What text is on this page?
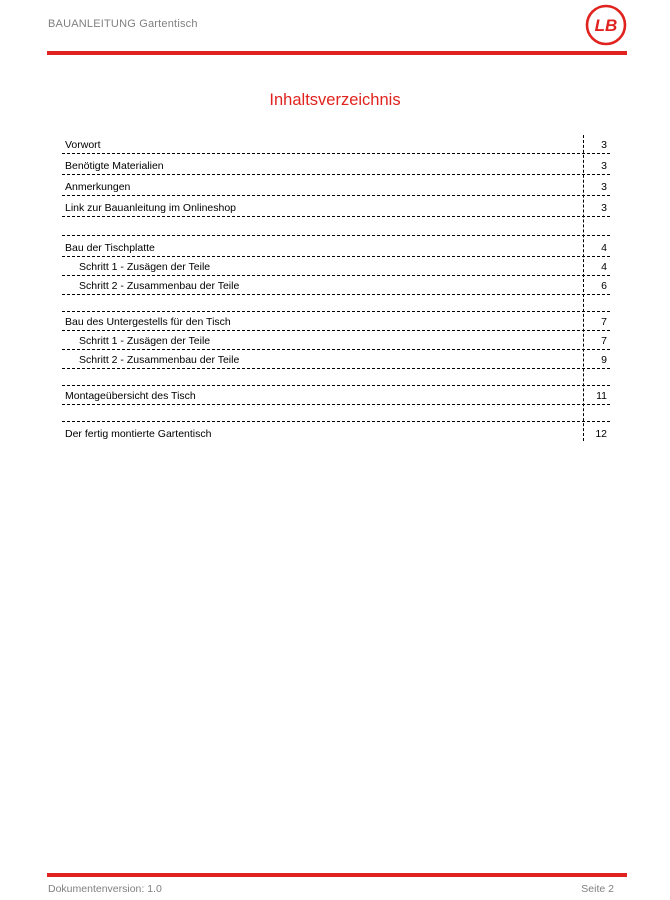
BAUANLEITUNG Gartentisch	LB
Inhaltsverzeichnis
Vorwort	3
Benötigte Materialien	3
Anmerkungen	3
Link zur Bauanleitung im Onlineshop	3
Bau der Tischplatte	4
Schritt 1 - Zusägen der Teile	4
Schritt 2 - Zusammenbau der Teile	6
Bau des Untergestells für den Tisch	7
Schritt 1 - Zusägen der Teile	7
Schritt 2 - Zusammenbau der Teile	9
Montageübersicht des Tisch	11
Der fertig montierte Gartentisch	12
Dokumentenversion: 1.0	Seite 2
